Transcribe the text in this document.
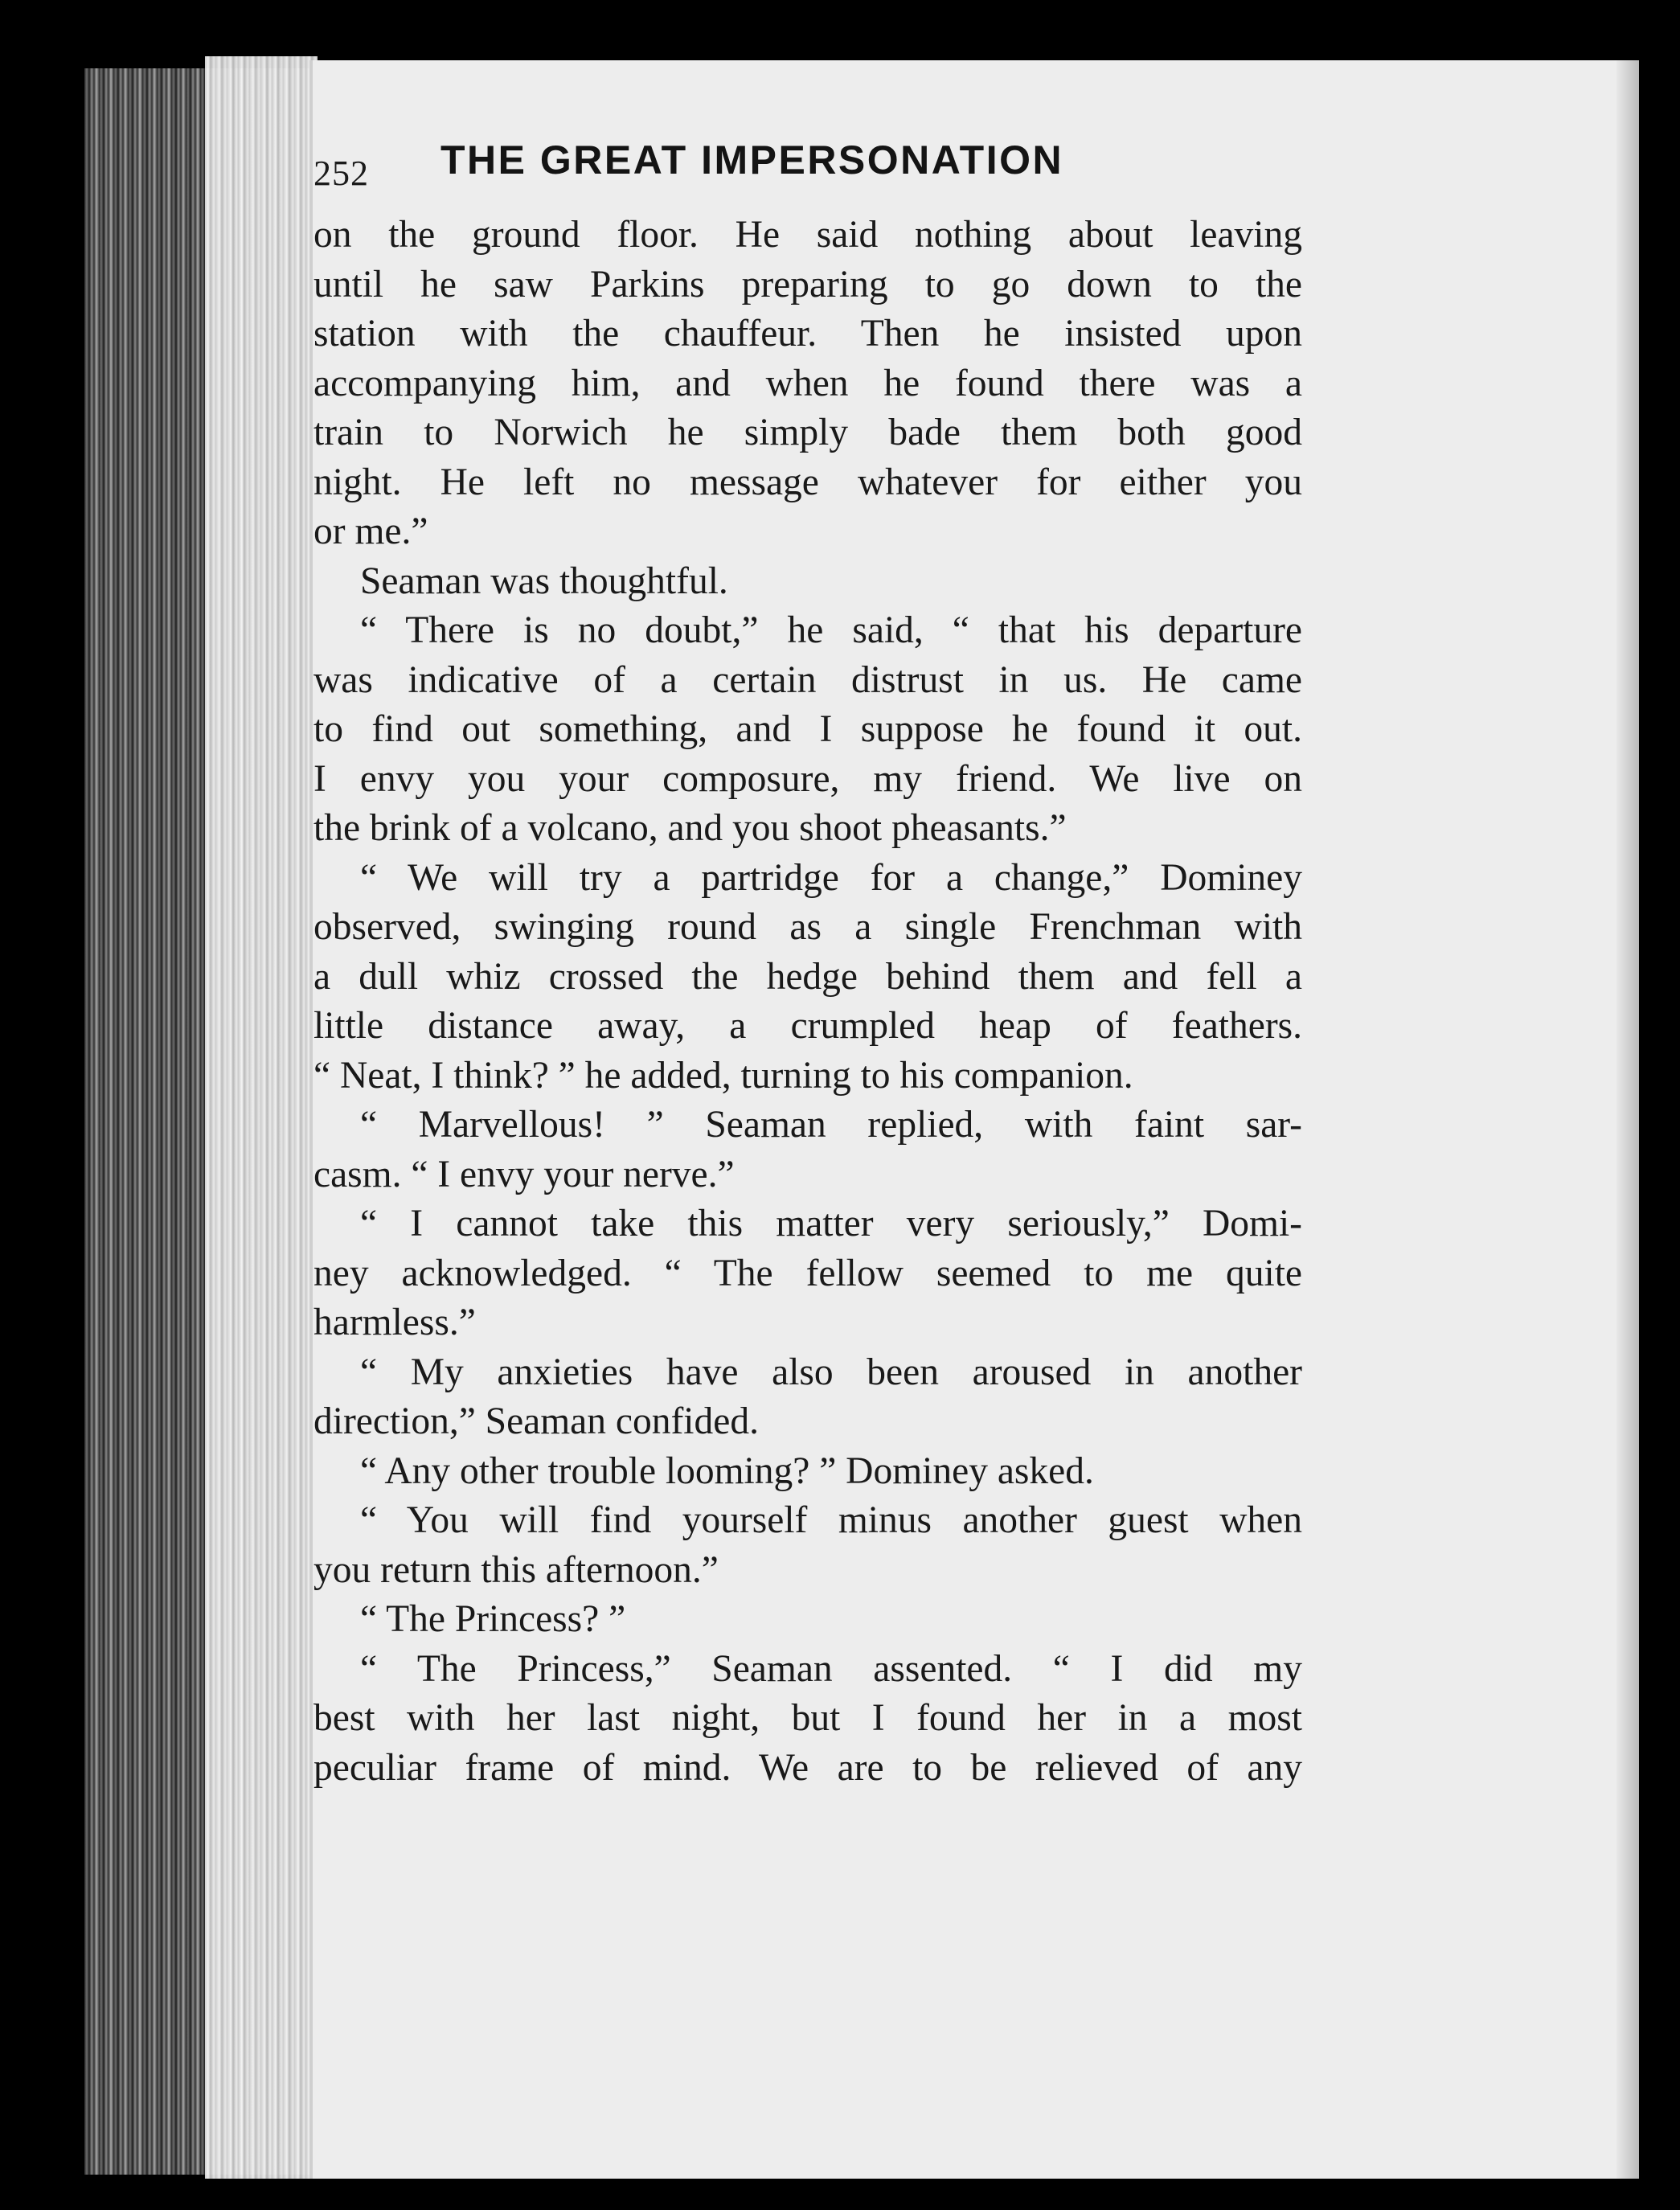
252 THE GREAT IMPERSONATION
on the ground floor. He said nothing about leaving
until he saw Parkins preparing to go down to the
station with the chauffeur. Then he insisted upon
accompanying him, and when he found there was a
train to Norwich he simply bade them both good
night. He left no message whatever for either you
or me.”
Seaman was thoughtful.
“ There is no doubt,” he said, “ that his departure
was indicative of a certain distrust in us. He came
to find out something, and I suppose he found it out.
I envy you your composure, my friend. We live on
the brink of a volcano, and you shoot pheasants.”
“ We will try a partridge for a change,” Dominey
observed, swinging round as a single Frenchman with
a dull whiz crossed the hedge behind them and fell a
little distance away, a crumpled heap of feathers.
“ Neat, I think? ” he added, turning to his companion.
“ Marvellous! ” Seaman replied, with faint sar-
casm. “ I envy your nerve.”
“ I cannot take this matter very seriously,” Domi-
ney acknowledged. “ The fellow seemed to me quite
harmless.”
“ My anxieties have also been aroused in another
direction,” Seaman confided.
“ Any other trouble looming? ” Dominey asked.
“ You will find yourself minus another guest when
you return this afternoon.”
“ The Princess? ”
“ The Princess,” Seaman assented. “ I did my
best with her last night, but I found her in a most
peculiar frame of mind. We are to be relieved of any
